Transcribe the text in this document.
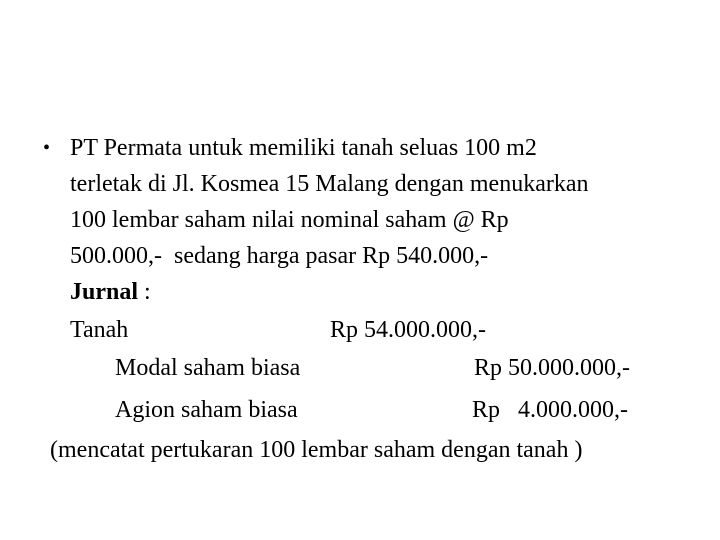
• PT Permata untuk memiliki tanah seluas 100 m2
terletak di Jl. Kosmea 15 Malang dengan menukarkan
100 lembar saham nilai nominal saham @ Rp
500.000,-  sedang harga pasar Rp 540.000,-
Jurnal :
Tanah	Rp 54.000.000,-
Modal saham biasa	Rp 50.000.000,-
Agion saham biasa	Rp   4.000.000,-
(mencatat pertukaran 100 lembar saham dengan tanah )
